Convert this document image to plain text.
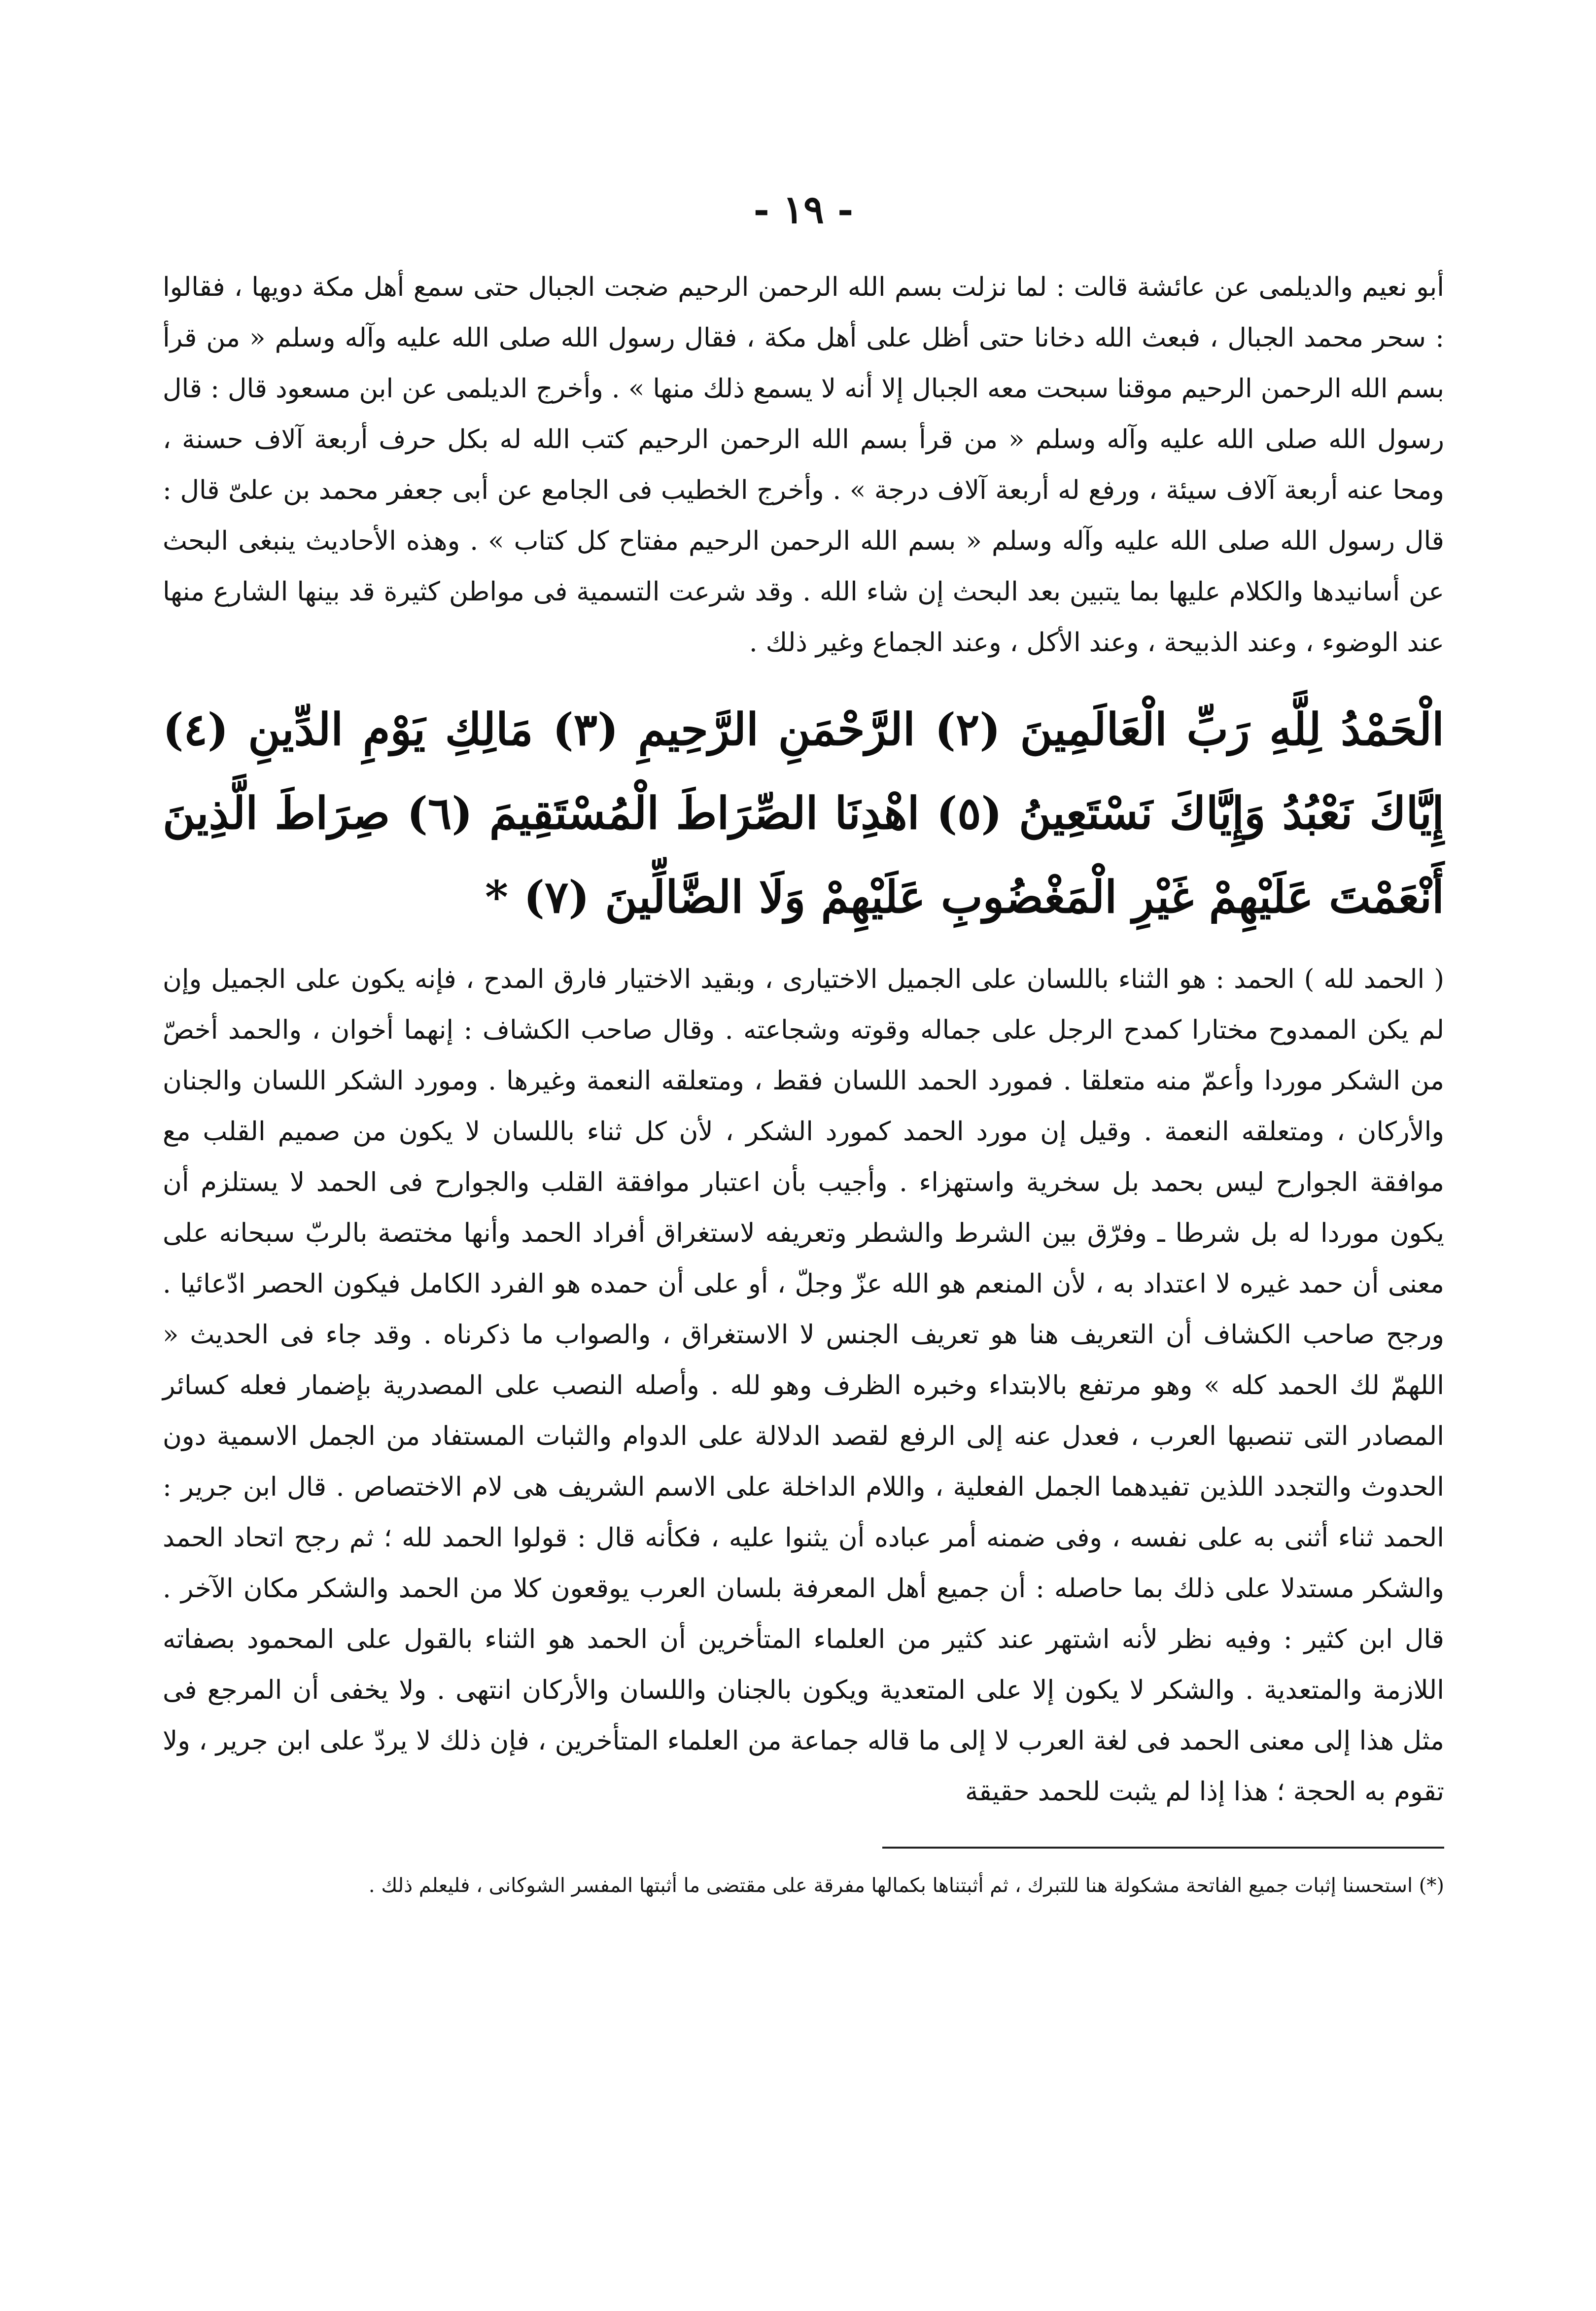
- ١٩ -

أبو نعيم والديلمى عن عائشة قالت : لما نزلت بسم الله الرحمن الرحيم ضجت الجبال حتى سمع أهل مكة دويها ، فقالوا : سحر محمد الجبال ، فبعث الله دخانا حتى أظل على أهل مكة ، فقال رسول الله صلى الله عليه وآله وسلم « من قرأ بسم الله الرحمن الرحيم موقنا سبحت معه الجبال إلا أنه لا يسمع ذلك منها » . وأخرج الديلمى عن ابن مسعود قال : قال رسول الله صلى الله عليه وآله وسلم « من قرأ بسم الله الرحمن الرحيم كتب الله له بكل حرف أربعة آلاف حسنة ، ومحا عنه أربعة آلاف سيئة ، ورفع له أربعة آلاف درجة » . وأخرج الخطيب فى الجامع عن أبى جعفر محمد بن علىّ قال : قال رسول الله صلى الله عليه وآله وسلم « بسم الله الرحمن الرحيم مفتاح كل كتاب » . وهذه الأحاديث ينبغى البحث عن أسانيدها والكلام عليها بما يتبين بعد البحث إن شاء الله . وقد شرعت التسمية فى مواطن كثيرة قد بينها الشارع منها عند الوضوء ، وعند الذبيحة ، وعند الأكل ، وعند الجماع وغير ذلك .

الْحَمْدُ لِلَّهِ رَبِّ الْعَالَمِينَ (٢) الرَّحْمَنِ الرَّحِيمِ (٣) مَالِكِ يَوْمِ الدِّينِ (٤) إِيَّاكَ نَعْبُدُ وَإِيَّاكَ نَسْتَعِينُ (٥) اهْدِنَا الصِّرَاطَ الْمُسْتَقِيمَ (٦) صِرَاطَ الَّذِينَ أَنْعَمْتَ عَلَيْهِمْ غَيْرِ الْمَغْضُوبِ عَلَيْهِمْ وَلَا الضَّالِّينَ (٧) *

( الحمد لله ) الحمد : هو الثناء باللسان على الجميل الاختيارى ، وبقيد الاختيار فارق المدح ، فإنه يكون على الجميل وإن لم يكن الممدوح مختارا كمدح الرجل على جماله وقوته وشجاعته . وقال صاحب الكشاف : إنهما أخوان ، والحمد أخصّ من الشكر موردا وأعمّ منه متعلقا . فمورد الحمد اللسان فقط ، ومتعلقه النعمة وغيرها . ومورد الشكر اللسان والجنان والأركان ، ومتعلقه النعمة . وقيل إن مورد الحمد كمورد الشكر ، لأن كل ثناء باللسان لا يكون من صميم القلب مع موافقة الجوارح ليس بحمد بل سخرية واستهزاء . وأجيب بأن اعتبار موافقة القلب والجوارح فى الحمد لا يستلزم أن يكون موردا له بل شرطا ـ وفرّق بين الشرط والشطر وتعريفه لاستغراق أفراد الحمد وأنها مختصة بالربّ سبحانه على معنى أن حمد غيره لا اعتداد به ، لأن المنعم هو الله عزّ وجلّ ، أو على أن حمده هو الفرد الكامل فيكون الحصر ادّعائيا . ورجح صاحب الكشاف أن التعريف هنا هو تعريف الجنس لا الاستغراق ، والصواب ما ذكرناه . وقد جاء فى الحديث « اللهمّ لك الحمد كله » وهو مرتفع بالابتداء وخبره الظرف وهو لله . وأصله النصب على المصدرية بإضمار فعله كسائر المصادر التى تنصبها العرب ، فعدل عنه إلى الرفع لقصد الدلالة على الدوام والثبات المستفاد من الجمل الاسمية دون الحدوث والتجدد اللذين تفيدهما الجمل الفعلية ، واللام الداخلة على الاسم الشريف هى لام الاختصاص . قال ابن جرير : الحمد ثناء أثنى به على نفسه ، وفى ضمنه أمر عباده أن يثنوا عليه ، فكأنه قال : قولوا الحمد لله ؛ ثم رجح اتحاد الحمد والشكر مستدلا على ذلك بما حاصله : أن جميع أهل المعرفة بلسان العرب يوقعون كلا من الحمد والشكر مكان الآخر . قال ابن كثير : وفيه نظر لأنه اشتهر عند كثير من العلماء المتأخرين أن الحمد هو الثناء بالقول على المحمود بصفاته اللازمة والمتعدية . والشكر لا يكون إلا على المتعدية ويكون بالجنان واللسان والأركان انتهى . ولا يخفى أن المرجع فى مثل هذا إلى معنى الحمد فى لغة العرب لا إلى ما قاله جماعة من العلماء المتأخرين ، فإن ذلك لا يردّ على ابن جرير ، ولا تقوم به الحجة ؛ هذا إذا لم يثبت للحمد حقيقة

(*) استحسنا إثبات جميع الفاتحة مشكولة هنا للتبرك ، ثم أثبتناها بكمالها مفرقة على مقتضى ما أثبتها المفسر الشوكانى ، فليعلم ذلك .
